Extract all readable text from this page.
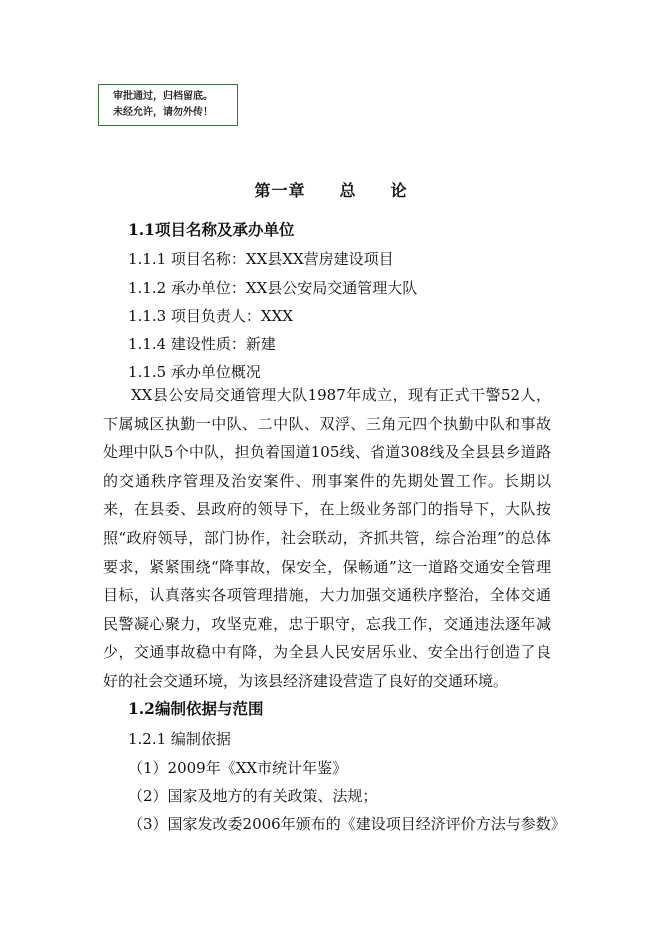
审批通过，归档留底。
未经允许，请勿外传！
第一章 总 论
1.1项目名称及承办单位
1.1.1 项目名称：XX县XX营房建设项目
1.1.2 承办单位：XX县公安局交通管理大队
1.1.3 项目负责人：XXX
1.1.4 建设性质：新建
1.1.5 承办单位概况
XX县公安局交通管理大队1987年成立，现有正式干警52人，下属城区执勤一中队、二中队、双浮、三角元四个执勤中队和事故处理中队5个中队，担负着国道105线、省道308线及全县县乡道路的交通秩序管理及治安案件、刑事案件的先期处置工作。长期以来，在县委、县政府的领导下，在上级业务部门的指导下，大队按照“政府领导，部门协作，社会联动，齐抓共管，综合治理”的总体要求，紧紧围绕“降事故，保安全，保畅通”这一道路交通安全管理目标，认真落实各项管理措施，大力加强交通秩序整治，全体交通民警凝心聚力，攻坚克难，忠于职守，忘我工作，交通违法逐年减少，交通事故稳中有降，为全县人民安居乐业、安全出行创造了良好的社会交通环境，为该县经济建设营造了良好的交通环境。
1.2编制依据与范围
1.2.1 编制依据
（1）2009年《XX市统计年鉴》
（2）国家及地方的有关政策、法规；
（3）国家发改委2006年颁布的《建设项目经济评价方法与参数》
